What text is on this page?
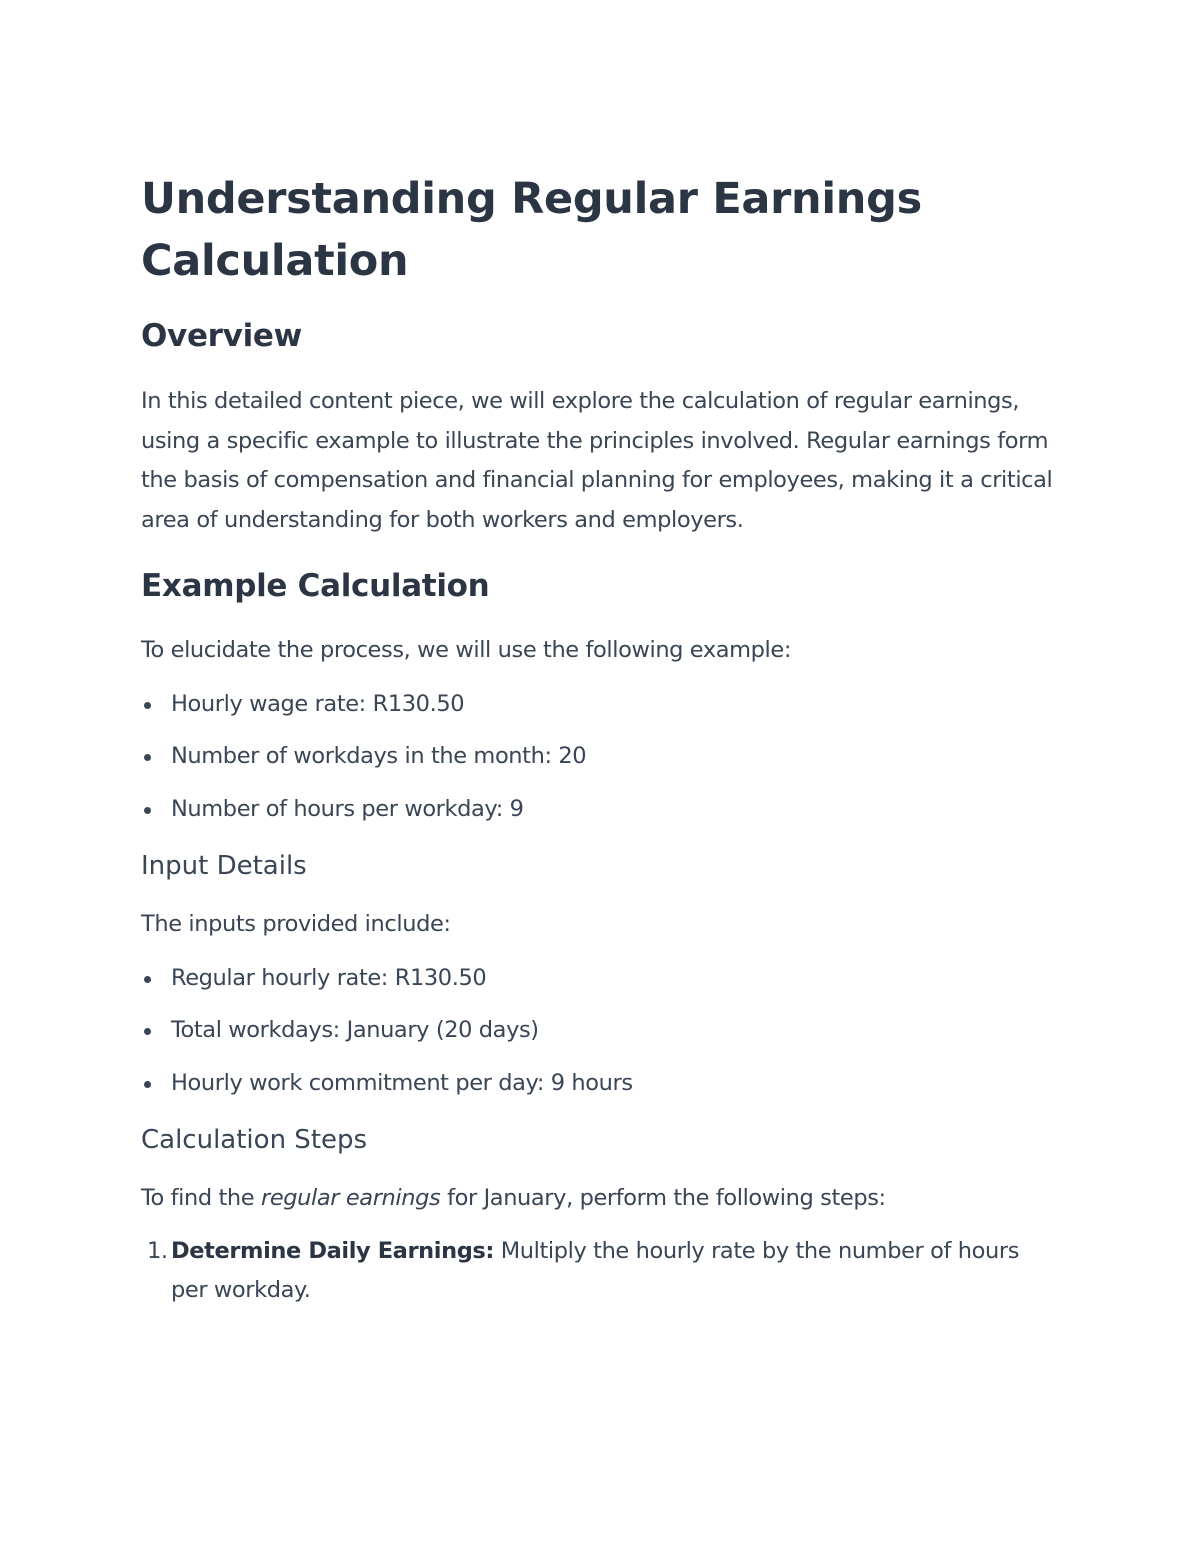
Understanding Regular Earnings Calculation
Overview

In this detailed content piece, we will explore the calculation of regular earnings, using a specific example to illustrate the principles involved. Regular earnings form the basis of compensation and financial planning for employees, making it a critical area of understanding for both workers and employers.

Example Calculation

To elucidate the process, we will use the following example:

Hourly wage rate: R130.50
Number of workdays in the month: 20
Number of hours per workday: 9
Input Details

The inputs provided include:

Regular hourly rate: R130.50
Total workdays: January (20 days)
Hourly work commitment per day: 9 hours
Calculation Steps

To find the regular earnings for January, perform the following steps:

1. Determine Daily Earnings: Multiply the hourly rate by the number of hours per workday.
